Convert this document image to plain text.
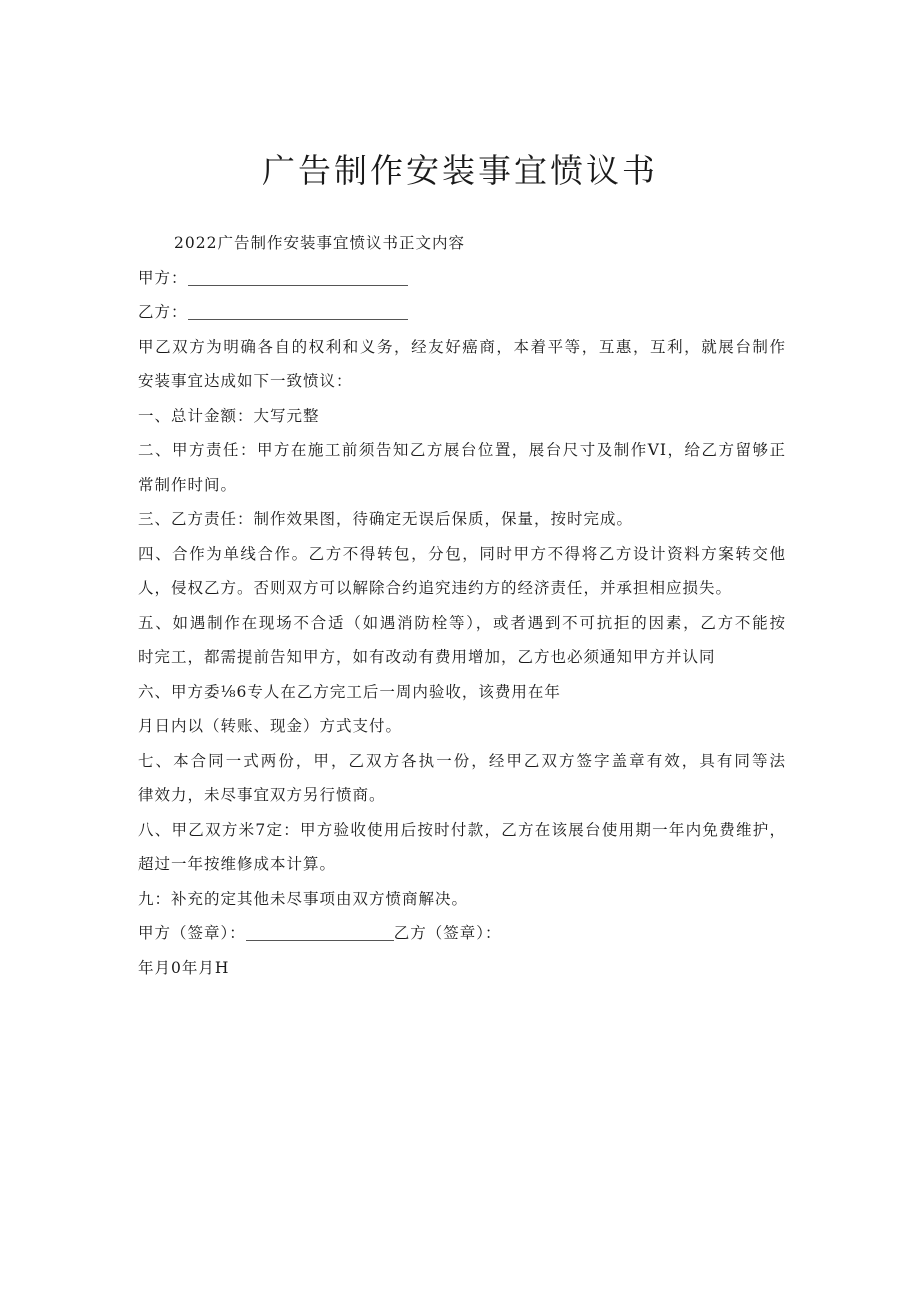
广告制作安装事宜愤议书
2022广告制作安装事宜愤议书正文内容
甲方：
乙方：
甲乙双方为明确各自的权利和义务，经友好癌商，本着平等，互惠，互利，就展台制作
安装事宜达成如下一致愤议：
一、总计金额：大写元整
二、甲方责任：甲方在施工前须告知乙方展台位置，展台尺寸及制作VI，给乙方留够正
常制作时间。
三、乙方责任：制作效果图，待确定无误后保质，保量，按时完成。
四、合作为单线合作。乙方不得转包，分包，同时甲方不得将乙方设计资料方案转交他
人，侵权乙方。否则双方可以解除合约追究违约方的经济责任，并承担相应损失。
五、如遇制作在现场不合适（如遇消防栓等），或者遇到不可抗拒的因素，乙方不能按
时完工，都需提前告知甲方，如有改动有费用增加，乙方也必须通知甲方并认同
六、甲方委⅛6专人在乙方完工后一周内验收，该费用在年
月日内以（转账、现金）方式支付。
七、本合同一式两份，甲，乙双方各执一份，经甲乙双方签字盖章有效，具有同等法
律效力，未尽事宜双方另行愤商。
八、甲乙双方米7定：甲方验收使用后按时付款，乙方在该展台使用期一年内免费维护，
超过一年按维修成本计算。
九：补充的定其他未尽事项由双方愤商解决。
甲方（签章）：	乙方（签章）：
年月0年月H
